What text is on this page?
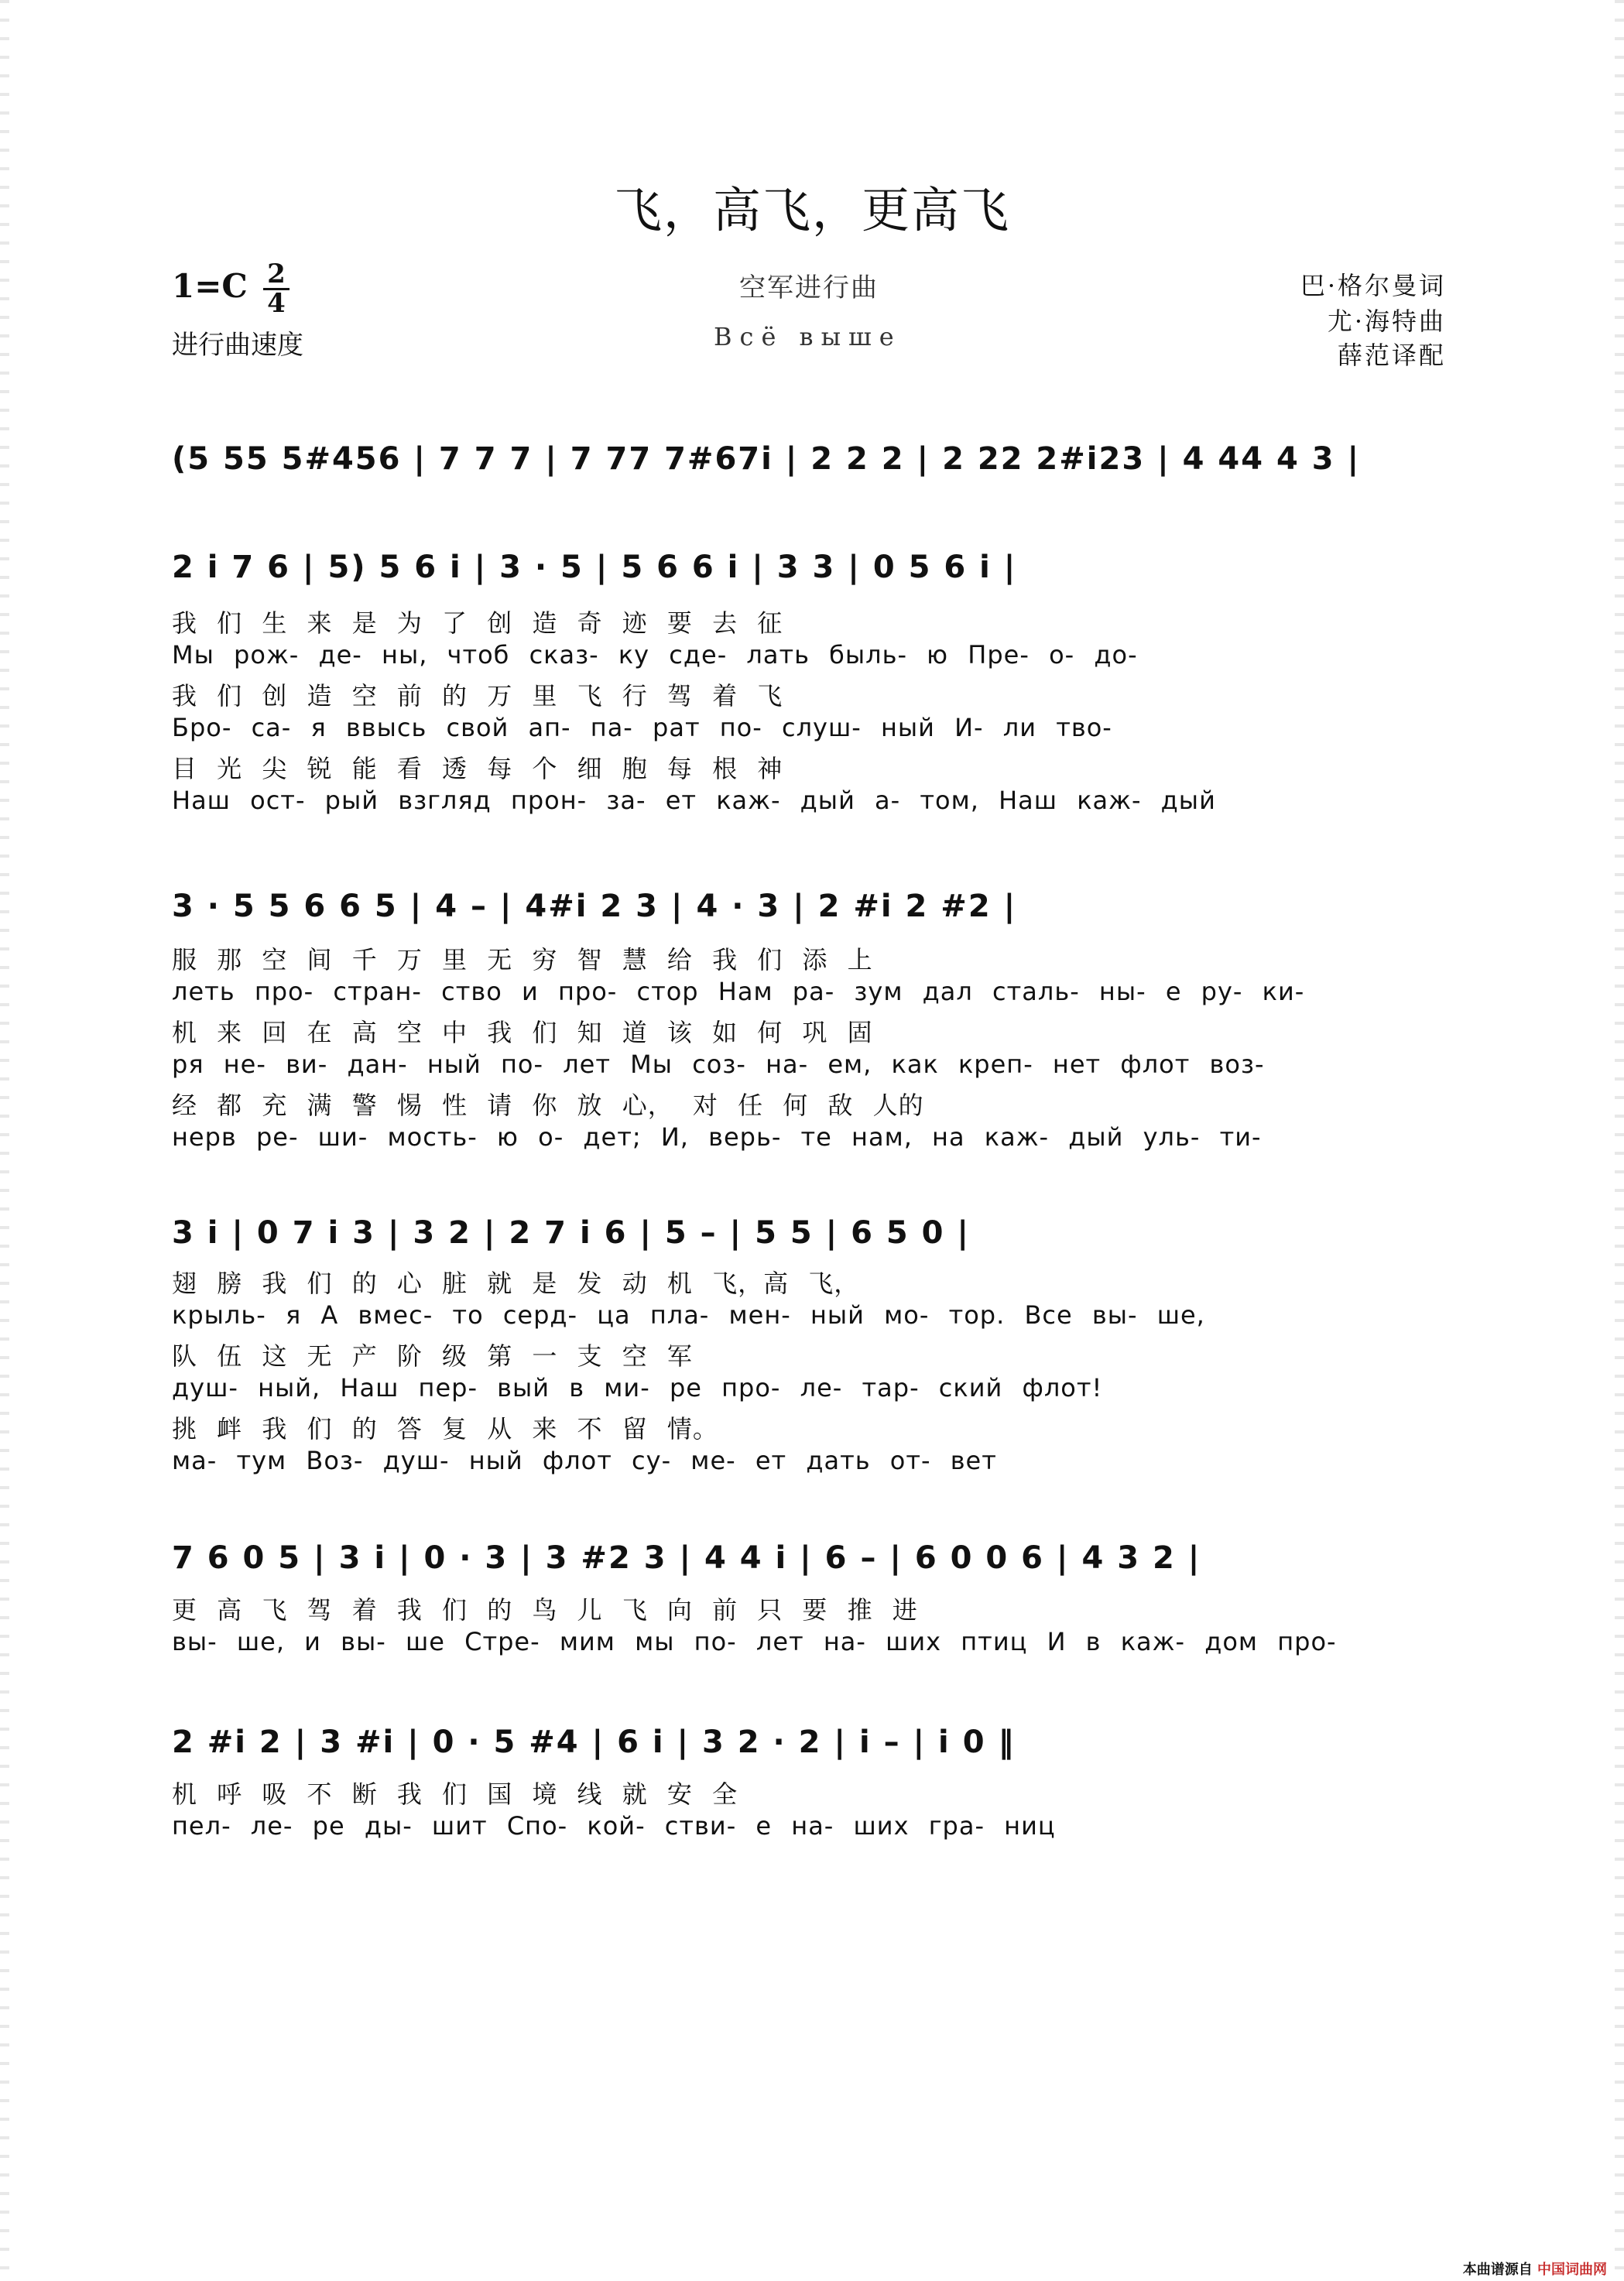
飞，高飞，更高飞
1=C 2
4
进行曲速度
空军进行曲
Всё выше
巴·格尔曼词
尤·海特曲
薛范译配
(5 55 5#456 | 7 7 7 | 7 77 7#67i | 2 2 2 | 2 22 2#i23 | 4 44 4 3 |
2 i 7 6 | 5) 5 6 i | 3 · 5 | 5 6 6 i | 3 3 | 0 5 6 i |
我 们 生 来 是 为 了 创 造 奇 迹 要 去 征
Мы рож- де- ны, чтоб сказ- ку сде- лать быль- ю Пре- о- до-
我 们 创 造 空 前 的 万 里 飞 行 驾 着 飞
Бро- са- я ввысь свой ап- па- рат по- слуш- ный И- ли тво-
目 光 尖 锐 能 看 透 每 个 细 胞 每 根 神
Наш ост- рый взгляд прон- за- ет каж- дый а- том, Наш каж- дый
3 · 5 5 6 6 5 | 4 – | 4#i 2 3 | 4 · 3 | 2 #i 2 #2 |
服 那 空 间 千 万 里 无 穷 智 慧 给 我 们 添 上
леть про- стран- ство и про- стор Нам ра- зум дал сталь- ны- е ру- ки-
机 来 回 在 高 空 中 我 们 知 道 该 如 何 巩 固
ря не- ви- дан- ный по- лет Мы соз- на- ем, как креп- нет флот воз-
经 都 充 满 警 惕 性 请 你 放 心， 对 任 何 敌 人的
нерв ре- ши- мость- ю о- дет; И, верь- те нам, на каж- дый уль- ти-
3 i | 0 7 i 3 | 3 2 | 2 7 i 6 | 5 – | 5 5 | 6 5 0 |
翅 膀 我 们 的 心 脏 就 是 发 动 机 飞，高 飞，
крыль- я А вмес- то серд- ца пла- мен- ный мо- тор. Все вы- ше,
队 伍 这 无 产 阶 级 第 一 支 空 军
душ- ный, Наш пер- вый в ми- ре про- ле- тар- ский флот!
挑 衅 我 们 的 答 复 从 来 不 留 情。
ма- тум Воз- душ- ный флот су- ме- ет дать от- вет
7 6 0 5 | 3 i | 0 · 3 | 3 #2 3 | 4 4 i | 6 – | 6 0 0 6 | 4 3 2 |
更 高 飞 驾 着 我 们 的 鸟 儿 飞 向 前 只 要 推 进
вы- ше, и вы- ше Стре- мим мы по- лет на- ших птиц И в каж- дом про-
2 #i 2 | 3 #i | 0 · 5 #4 | 6 i | 3 2 · 2 | i – | i 0 ‖
机 呼 吸 不 断 我 们 国 境 线 就 安 全
пел- ле- ре ды- шит Спо- кой- стви- е на- ших гра- ниц
本曲谱源自 中国词曲网
